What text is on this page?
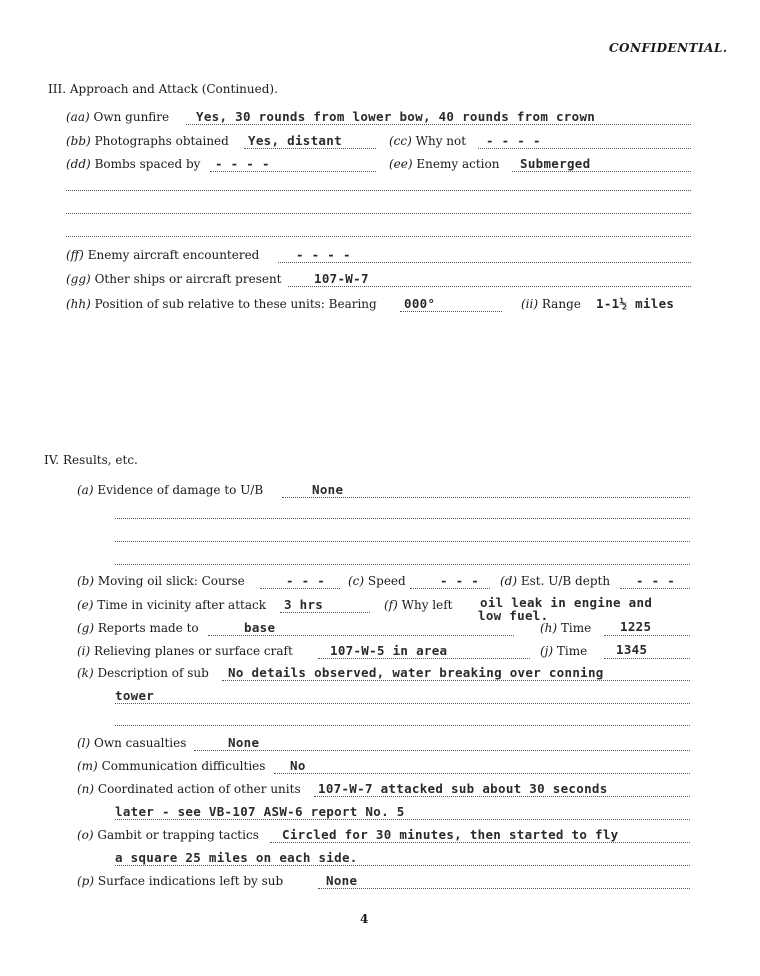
CONFIDENTIAL.
III. Approach and Attack (Continued).
(aa) Own gunfire Yes, 30 rounds from lower bow, 40 rounds from crown
(bb) Photographs obtained Yes, distant	(cc) Why not - - - -
(dd) Bombs spaced by - - - -	(ee) Enemy action Submerged
(ff) Enemy aircraft encountered	- - - -
(gg) Other ships or aircraft present	107-W-7
(hh) Position of sub relative to these units: Bearing 000°	(ii) Range 1-1½ miles
IV. Results, etc.
(a) Evidence of damage to U/B	None
(b) Moving oil slick: Course	- - - (c) Speed	- - - (d) Est. U/B depth - - -
(e) Time in vicinity after attack 3 hrs	(f) Why left oil leak in engine and
low fuel.
(g) Reports made to	base	(h) Time 1225
(i) Relieving planes or surface craft	107-W-5 in area	(j) Time 1345
(k) Description of sub No details observed, water breaking over conning
tower
(l) Own casualties	None
(m) Communication difficulties No
(n) Coordinated action of other units 107-W-7 attacked sub about 30 seconds
later - see VB-107 ASW-6 report No. 5
(o) Gambit or trapping tactics Circled for 30 minutes, then started to fly
a square 25 miles on each side.
(p) Surface indications left by sub	None
4
